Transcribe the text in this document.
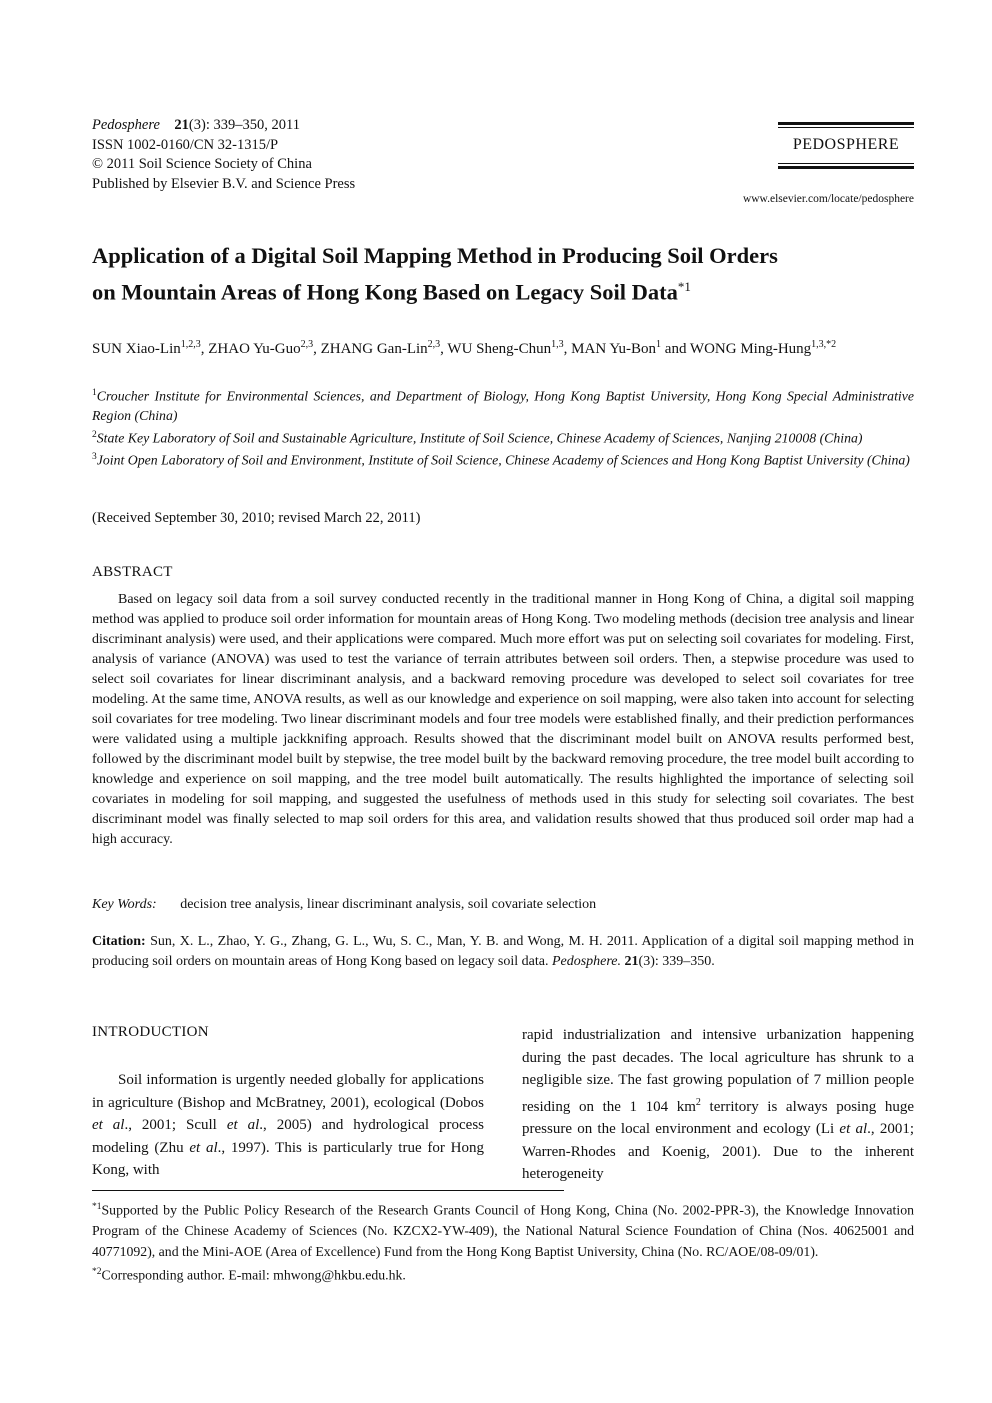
Pedosphere 21(3): 339–350, 2011
ISSN 1002-0160/CN 32-1315/P
© 2011 Soil Science Society of China
Published by Elsevier B.V. and Science Press
PEDOSPHERE
www.elsevier.com/locate/pedosphere
Application of a Digital Soil Mapping Method in Producing Soil Orders
on Mountain Areas of Hong Kong Based on Legacy Soil Data$^{*1}$
SUN Xiao-Lin$^{1,2,3}$, ZHAO Yu-Guo$^{2,3}$, ZHANG Gan-Lin$^{2,3}$, WU Sheng-Chun$^{1,3}$, MAN Yu-Bon$^1$ and WONG Ming-Hung$^{1,3,*2}$
$^1$Croucher Institute for Environmental Sciences, and Department of Biology, Hong Kong Baptist University, Hong Kong Special Administrative Region (China)
$^2$State Key Laboratory of Soil and Sustainable Agriculture, Institute of Soil Science, Chinese Academy of Sciences, Nanjing 210008 (China)
$^3$Joint Open Laboratory of Soil and Environment, Institute of Soil Science, Chinese Academy of Sciences and Hong Kong Baptist University (China)
(Received September 30, 2010; revised March 22, 2011)
ABSTRACT
Based on legacy soil data from a soil survey conducted recently in the traditional manner in Hong Kong of China, a digital soil mapping method was applied to produce soil order information for mountain areas of Hong Kong. Two modeling methods (decision tree analysis and linear discriminant analysis) were used, and their applications were compared. Much more effort was put on selecting soil covariates for modeling. First, analysis of variance (ANOVA) was used to test the variance of terrain attributes between soil orders. Then, a stepwise procedure was used to select soil covariates for linear discriminant analysis, and a backward removing procedure was developed to select soil covariates for tree modeling. At the same time, ANOVA results, as well as our knowledge and experience on soil mapping, were also taken into account for selecting soil covariates for tree modeling. Two linear discriminant models and four tree models were established finally, and their prediction performances were validated using a multiple jackknifing approach. Results showed that the discriminant model built on ANOVA results performed best, followed by the discriminant model built by stepwise, the tree model built by the backward removing procedure, the tree model built according to knowledge and experience on soil mapping, and the tree model built automatically. The results highlighted the importance of selecting soil covariates in modeling for soil mapping, and suggested the usefulness of methods used in this study for selecting soil covariates. The best discriminant model was finally selected to map soil orders for this area, and validation results showed that thus produced soil order map had a high accuracy.
Key Words: decision tree analysis, linear discriminant analysis, soil covariate selection
Citation: Sun, X. L., Zhao, Y. G., Zhang, G. L., Wu, S. C., Man, Y. B. and Wong, M. H. 2011. Application of a digital soil mapping method in producing soil orders on mountain areas of Hong Kong based on legacy soil data. Pedosphere. 21(3): 339–350.
INTRODUCTION
Soil information is urgently needed globally for applications in agriculture (Bishop and McBratney, 2001), ecological (Dobos et al., 2001; Scull et al., 2005) and hydrological process modeling (Zhu et al., 1997). This is particularly true for Hong Kong, with
rapid industrialization and intensive urbanization happening during the past decades. The local agriculture has shrunk to a negligible size. The fast growing population of 7 million people residing on the 1 104 $km^2$ territory is always posing huge pressure on the local environment and ecology (Li et al., 2001; Warren-Rhodes and Koenig, 2001). Due to the inherent heterogeneity
$^{*1}$Supported by the Public Policy Research of the Research Grants Council of Hong Kong, China (No. 2002-PPR-3), the Knowledge Innovation Program of the Chinese Academy of Sciences (No. KZCX2-YW-409), the National Natural Science Foundation of China (Nos. 40625001 and 40771092), and the Mini-AOE (Area of Excellence) Fund from the Hong Kong Baptist University, China (No. RC/AOE/08-09/01).
$^{*2}$Corresponding author. E-mail: mhwong@hkbu.edu.hk.
